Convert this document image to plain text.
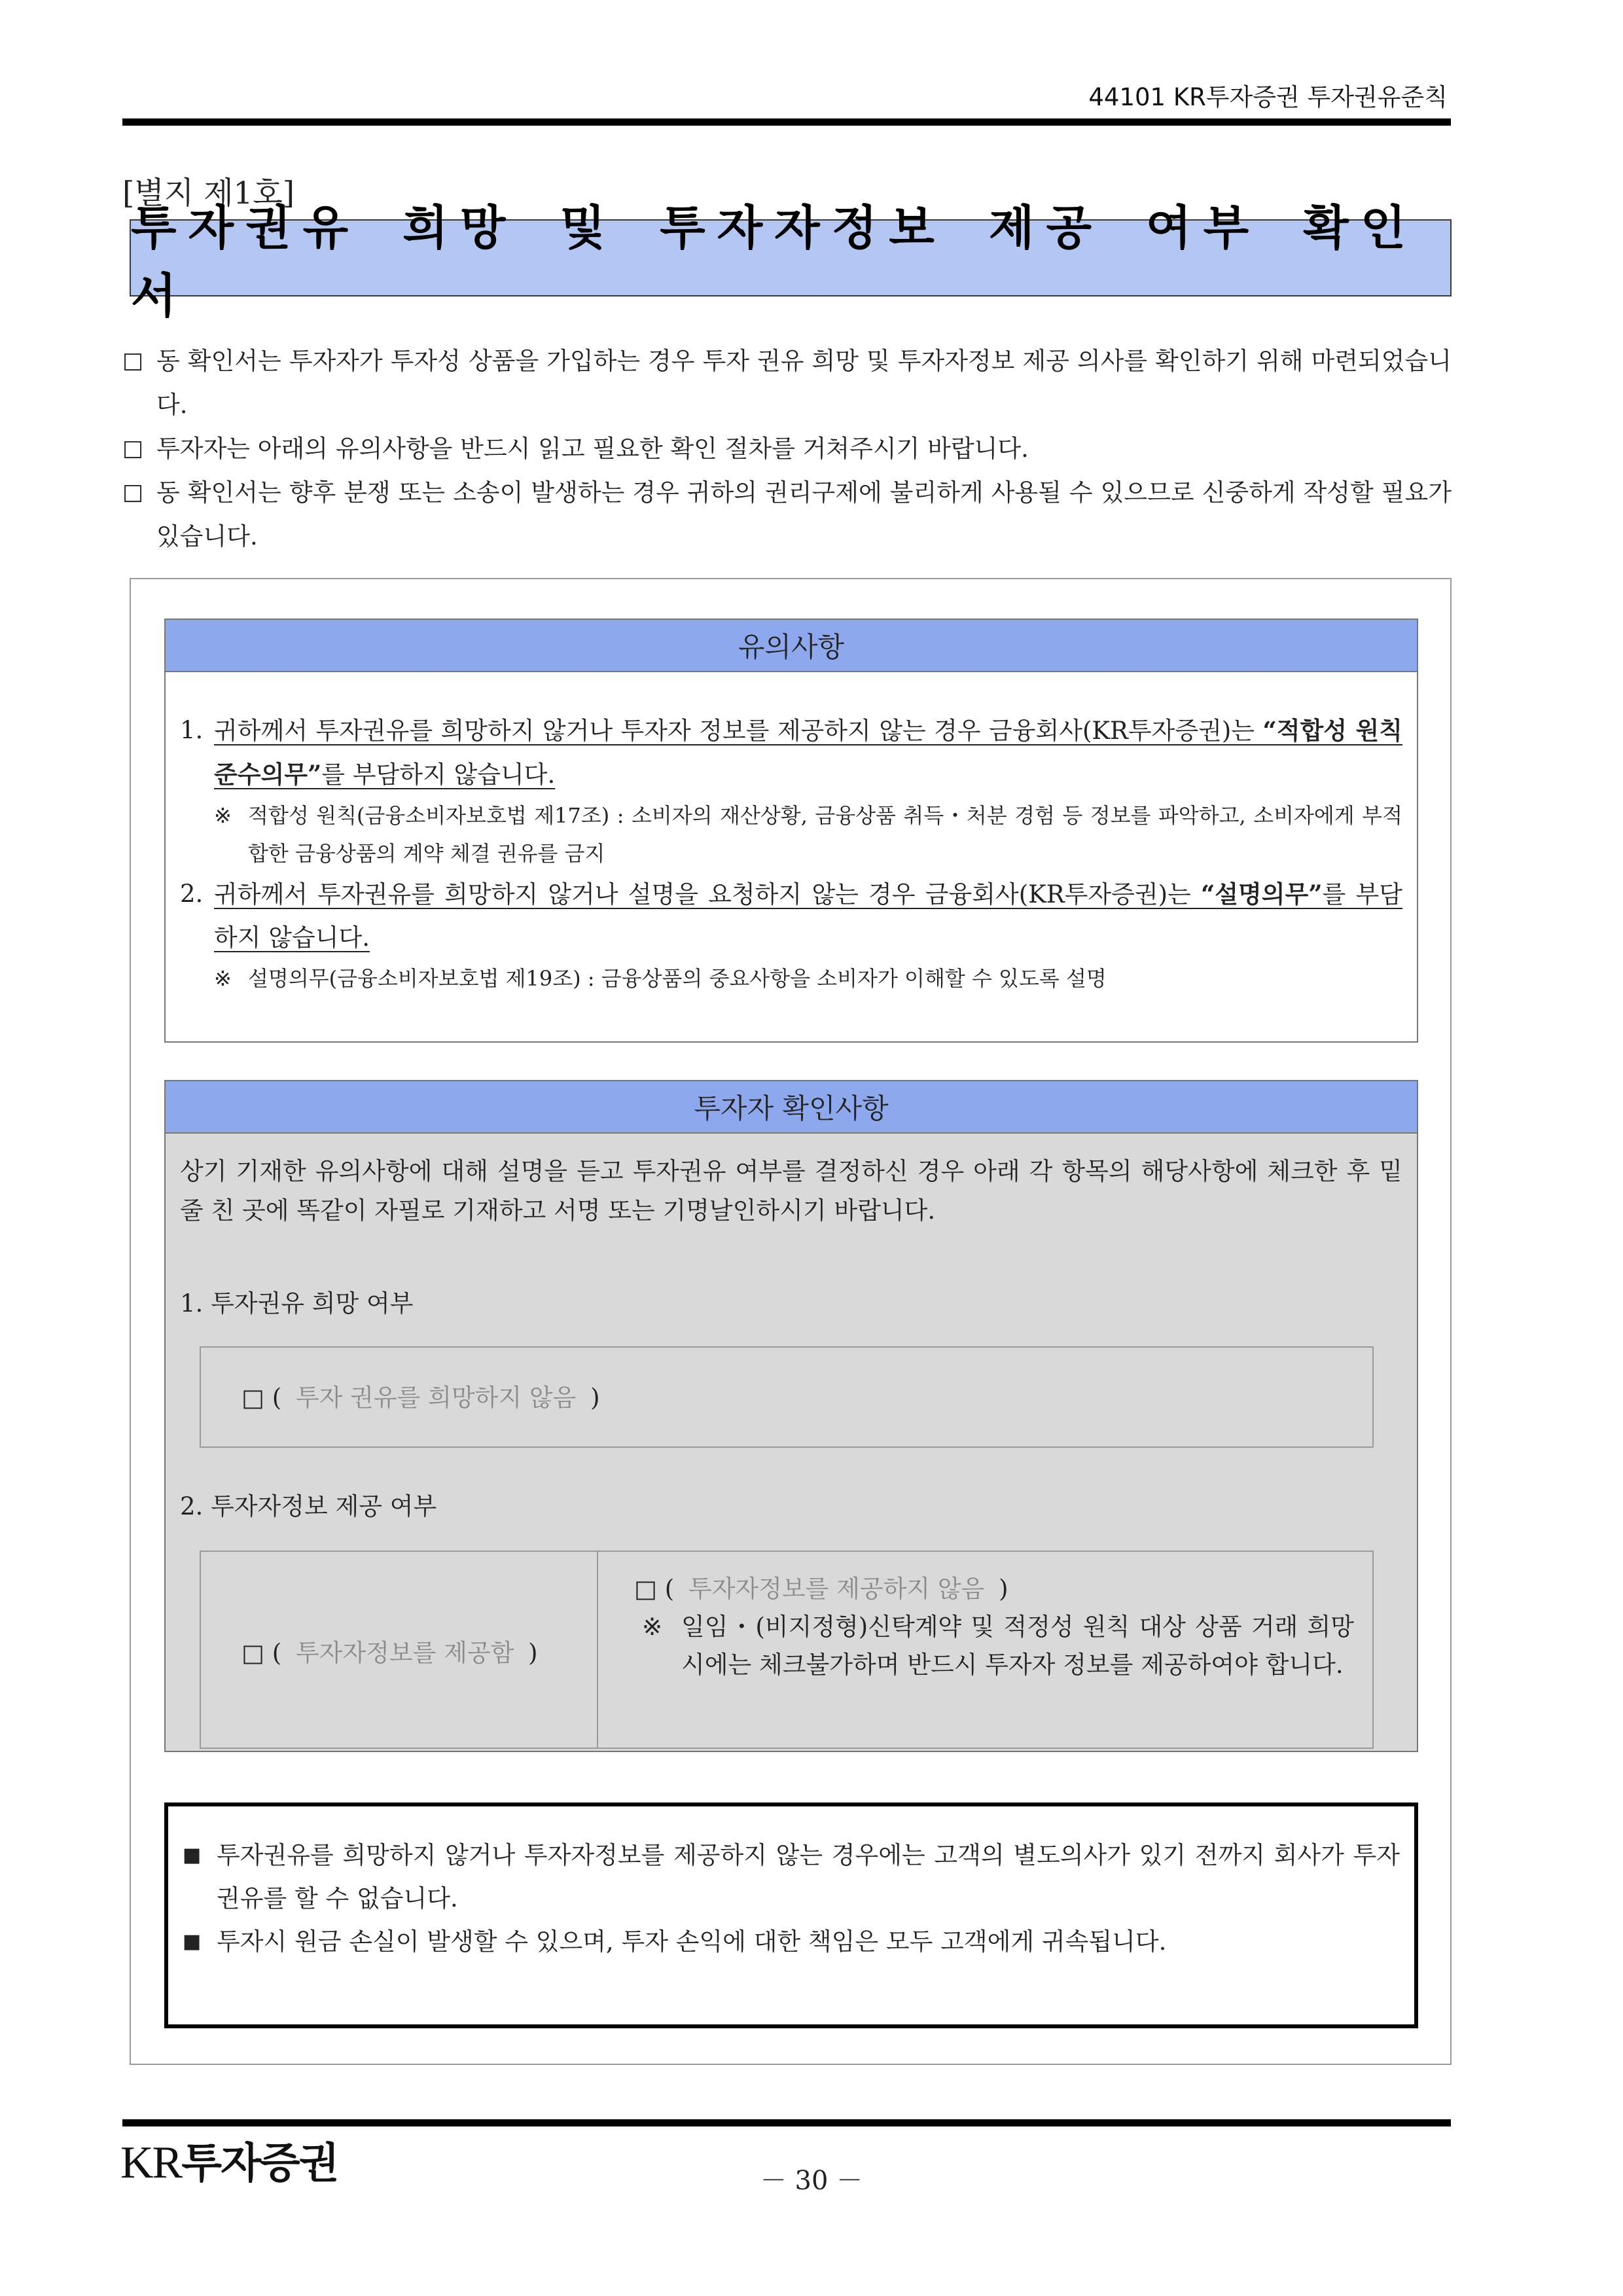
44101 KR투자증권 투자권유준칙
[별지 제1호]
투자권유 희망 및 투자자정보 제공 여부 확인서
□ 동 확인서는 투자자가 투자성 상품을 가입하는 경우 투자 권유 희망 및 투자자정보 제공 의사를 확인하기 위해 마련되었습니다.
□ 투자자는 아래의 유의사항을 반드시 읽고 필요한 확인 절차를 거쳐주시기 바랍니다.
□ 동 확인서는 향후 분쟁 또는 소송이 발생하는 경우 귀하의 권리구제에 불리하게 사용될 수 있으므로 신중하게 작성할 필요가 있습니다.
유의사항
1. 귀하께서 투자권유를 희망하지 않거나 투자자 정보를 제공하지 않는 경우 금융회사(KR투자증권)는 “적합성 원칙 준수의무”를 부담하지 않습니다.
※ 적합성 원칙(금융소비자보호법 제17조) : 소비자의 재산상황, 금융상품 취득・처분 경험 등 정보를 파악하고, 소비자에게 부적합한 금융상품의 계약 체결 권유를 금지
2. 귀하께서 투자권유를 희망하지 않거나 설명을 요청하지 않는 경우 금융회사(KR투자증권)는 “설명의무”를 부담하지 않습니다.
※ 설명의무(금융소비자보호법 제19조) : 금융상품의 중요사항을 소비자가 이해할 수 있도록 설명
투자자 확인사항
상기 기재한 유의사항에 대해 설명을 듣고 투자권유 여부를 결정하신 경우 아래 각 항목의 해당사항에 체크한 후 밑줄 친 곳에 똑같이 자필로 기재하고 서명 또는 기명날인하시기 바랍니다.
1. 투자권유 희망 여부
□ ( 투자 권유를 희망하지 않음 )
2. 투자자정보 제공 여부
□ ( 투자자정보를 제공함 )
□ ( 투자자정보를 제공하지 않음 )
※ 일임・(비지정형)신탁계약 및 적정성 원칙 대상 상품 거래 희망 시에는 체크불가하며 반드시 투자자 정보를 제공하여야 합니다.
■ 투자권유를 희망하지 않거나 투자자정보를 제공하지 않는 경우에는 고객의 별도의사가 있기 전까지 회사가 투자 권유를 할 수 없습니다.
■ 투자시 원금 손실이 발생할 수 있으며, 투자 손익에 대한 책임은 모두 고객에게 귀속됩니다.
KR투자증권	－ 30 －
